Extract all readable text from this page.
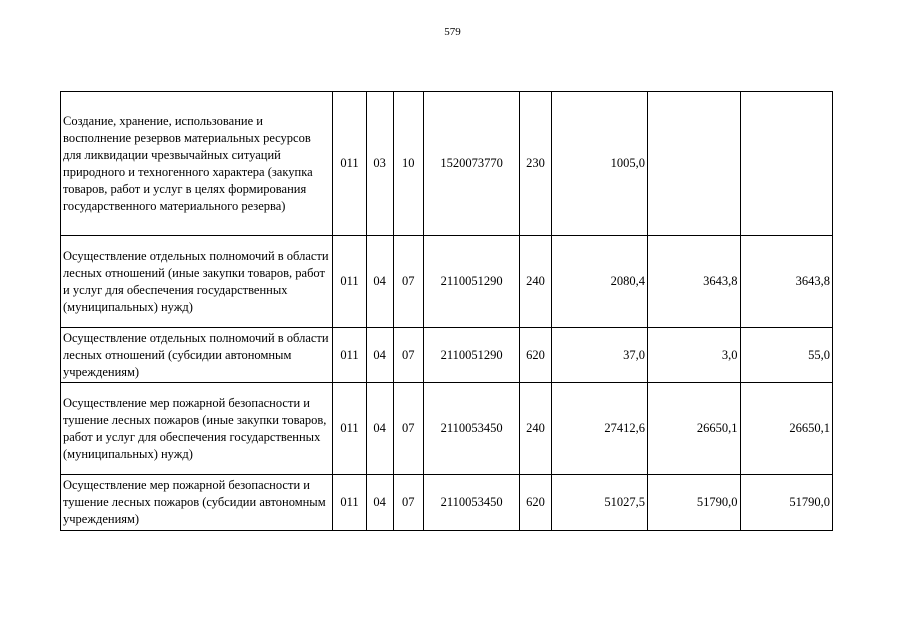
579
Создание, хранение, использование и восполнение резервов материальных ресурсов для ликвидации чрезвычайных ситуаций природного и техногенного характера (закупка товаров, работ и услуг в целях формирования государственного материального резерва)	011	03	10	1520073770	230	1005,0		
Осуществление отдельных полномочий в области лесных отношений (иные закупки товаров, работ и услуг для обеспечения государственных (муниципальных) нужд)	011	04	07	2110051290	240	2080,4	3643,8	3643,8
Осуществление отдельных полномочий в области лесных отношений (субсидии автономным учреждениям)	011	04	07	2110051290	620	37,0	3,0	55,0
Осуществление мер пожарной безопасности и тушение лесных пожаров (иные закупки товаров, работ и услуг для обеспечения государственных (муниципальных) нужд)	011	04	07	2110053450	240	27412,6	26650,1	26650,1
Осуществление мер пожарной безопасности и тушение лесных пожаров (субсидии автономным учреждениям)	011	04	07	2110053450	620	51027,5	51790,0	51790,0
